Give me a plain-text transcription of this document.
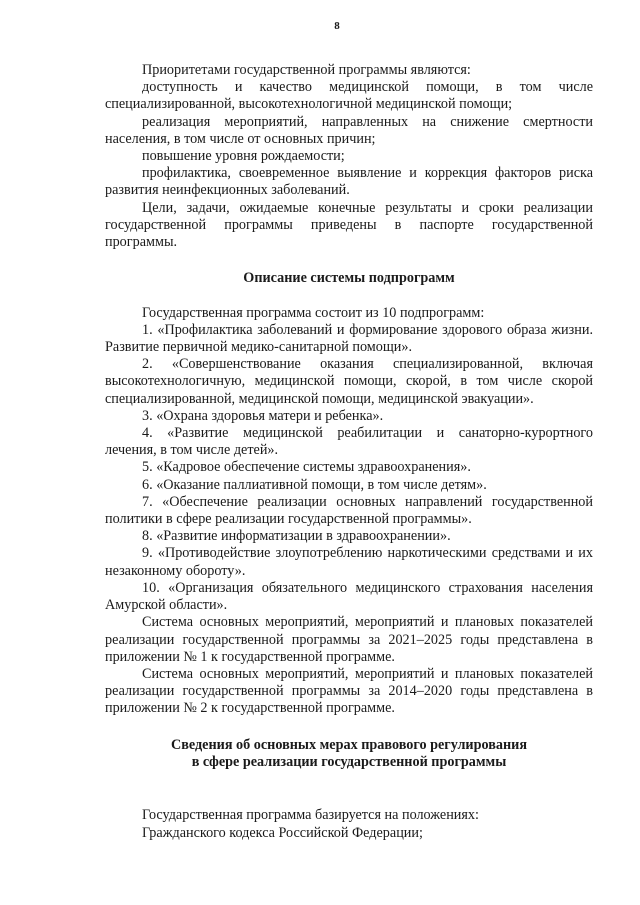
8

Приоритетами государственной программы являются:

доступность и качество медицинской помощи, в том числе специализированной, высокотехнологичной медицинской помощи;

реализация мероприятий, направленных на снижение смертности населения, в том числе от основных причин;

повышение уровня рождаемости;

профилактика, своевременное выявление и коррекция факторов риска развития неинфекционных заболеваний.

Цели, задачи, ожидаемые конечные результаты и сроки реализации государственной программы приведены в паспорте государственной программы.

Описание системы подпрограмм

Государственная программа состоит из 10 подпрограмм:

1. «Профилактика заболеваний и формирование здорового образа жизни. Развитие первичной медико-санитарной помощи».

2. «Совершенствование оказания специализированной, включая высокотехнологичную, медицинской помощи, скорой, в том числе скорой специализированной, медицинской помощи, медицинской эвакуации».

3. «Охрана здоровья матери и ребенка».

4. «Развитие медицинской реабилитации и санаторно-курортного лечения, в том числе детей».

5. «Кадровое обеспечение системы здравоохранения».

6. «Оказание паллиативной помощи, в том числе детям».

7. «Обеспечение реализации основных направлений государственной политики в сфере реализации государственной программы».

8. «Развитие информатизации в здравоохранении».

9. «Противодействие злоупотреблению наркотическими средствами и их незаконному обороту».

10. «Организация обязательного медицинского страхования населения Амурской области».

Система основных мероприятий, мероприятий и плановых показателей реализации государственной программы за 2021–2025 годы представлена в приложении № 1 к государственной программе.

Система основных мероприятий, мероприятий и плановых показателей реализации государственной программы за 2014–2020 годы представлена в приложении № 2 к государственной программе.

Сведения об основных мерах правового регулирования

в сфере реализации государственной программы

Государственная программа базируется на положениях:

Гражданского кодекса Российской Федерации;
